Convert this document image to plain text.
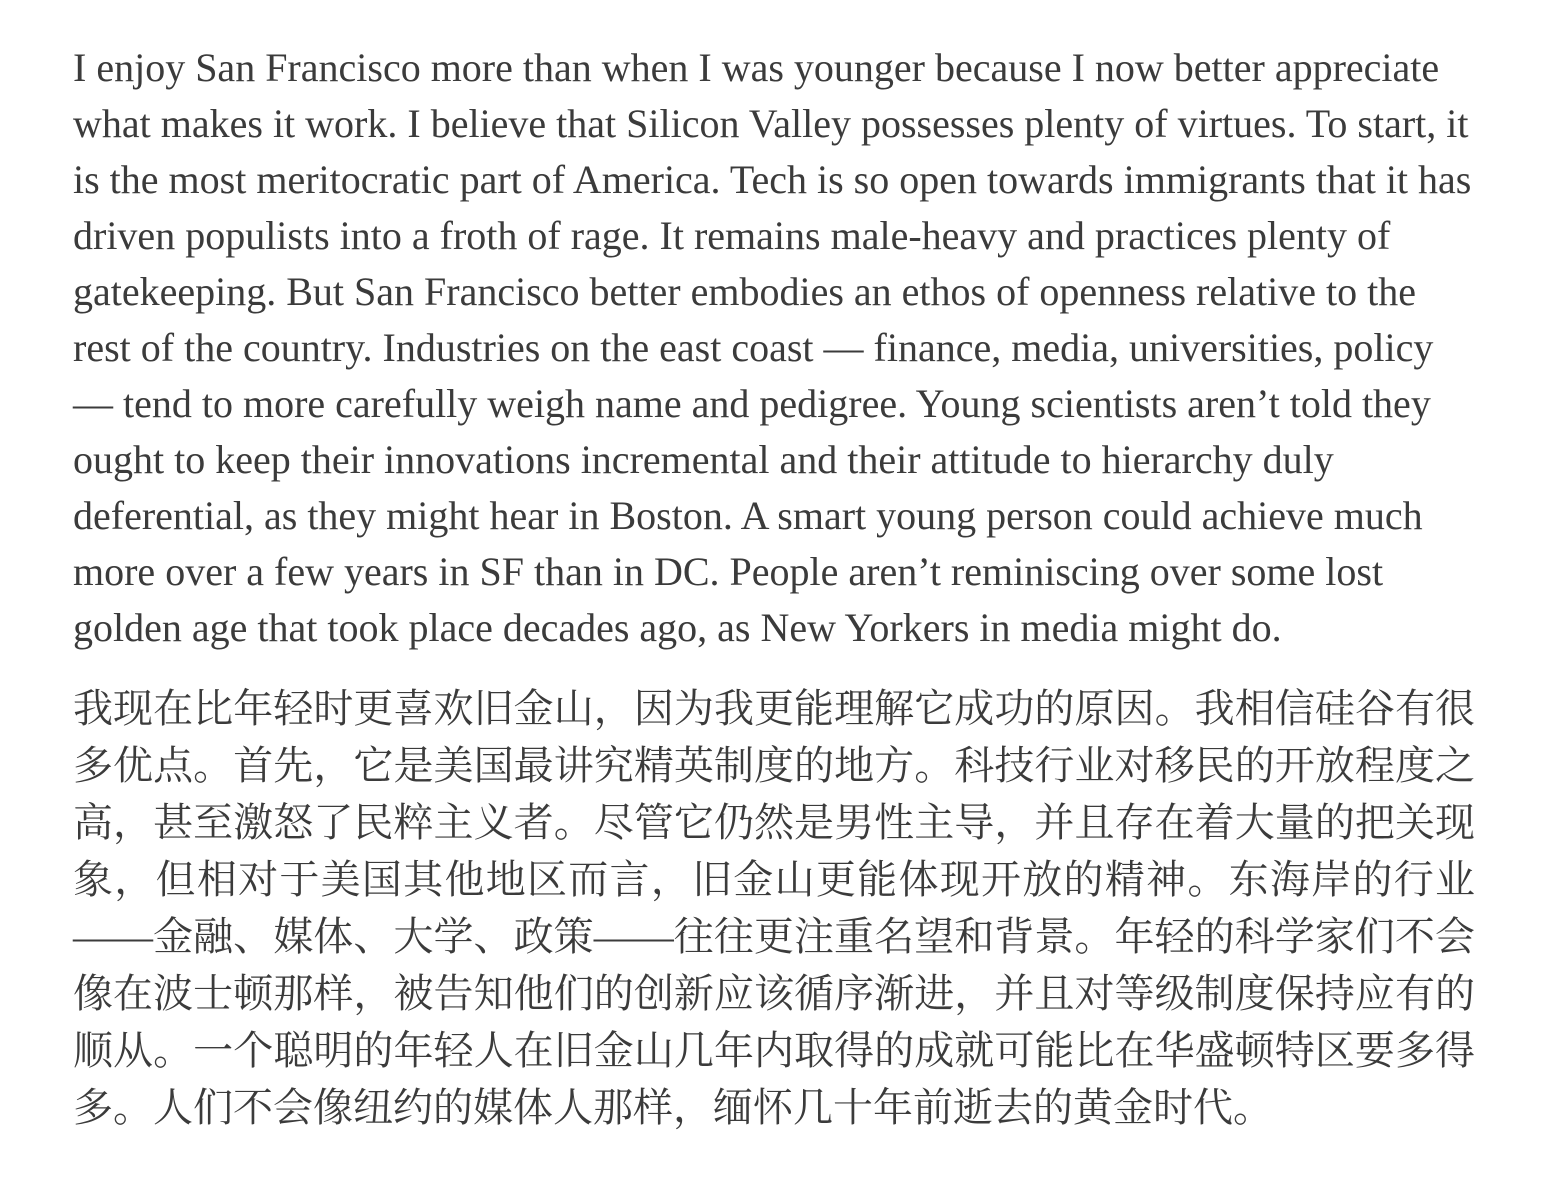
I enjoy San Francisco more than when I was younger because I now better appreciate what makes it work. I believe that Silicon Valley possesses plenty of virtues. To start, it is the most meritocratic part of America. Tech is so open towards immigrants that it has driven populists into a froth of rage. It remains male-heavy and practices plenty of gatekeeping. But San Francisco better embodies an ethos of openness relative to the rest of the country. Industries on the east coast — finance, media, universities, policy — tend to more carefully weigh name and pedigree. Young scientists aren’t told they ought to keep their innovations incremental and their attitude to hierarchy duly deferential, as they might hear in Boston. A smart young person could achieve much more over a few years in SF than in DC. People aren’t reminiscing over some lost golden age that took place decades ago, as New Yorkers in media might do.

我现在比年轻时更喜欢旧金山，因为我更能理解它成功的原因。我相信硅谷有很多优点。首先，它是美国最讲究精英制度的地方。科技行业对移民的开放程度之高，甚至激怒了民粹主义者。尽管它仍然是男性主导，并且存在着大量的把关现象，但相对于美国其他地区而言，旧金山更能体现开放的精神。东海岸的行业——金融、媒体、大学、政策——往往更注重名望和背景。年轻的科学家们不会像在波士顿那样，被告知他们的创新应该循序渐进，并且对等级制度保持应有的顺从。一个聪明的年轻人在旧金山几年内取得的成就可能比在华盛顿特区要多得多。人们不会像纽约的媒体人那样，缅怀几十年前逝去的黄金时代。
